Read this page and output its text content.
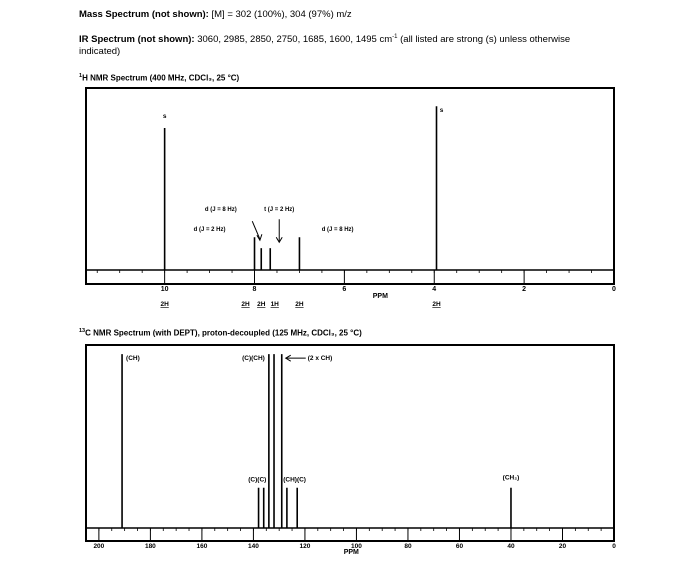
Mass Spectrum (not shown): [M] = 302 (100%), 304 (97%) m/z
IR Spectrum (not shown): 3060, 2985, 2850, 2750, 1685, 1600, 1495 $cm^{-1}$ (all listed are strong (s) unless otherwise
indicated)
$^1$H NMR Spectrum (400 MHz, CDCl₃, 25 °C)
$^{13}$C NMR Spectrum (with DEPT), proton-decoupled (125 MHz, CDCl₃, 25 °C)
10	8	6	4	2	0
PPM
s
d (J = 8 Hz)	t (J = 2 Hz)
d (J = 2 Hz)	d (J = 8 Hz)
s
2H	2H 2H 1H	2H	2H
200	180	160	140	120	100	80	60	40	20	0
PPM
(CH)	(C)(CH)	(2 x CH)
(C)(C)	(CH)(C)	(CH₂)
